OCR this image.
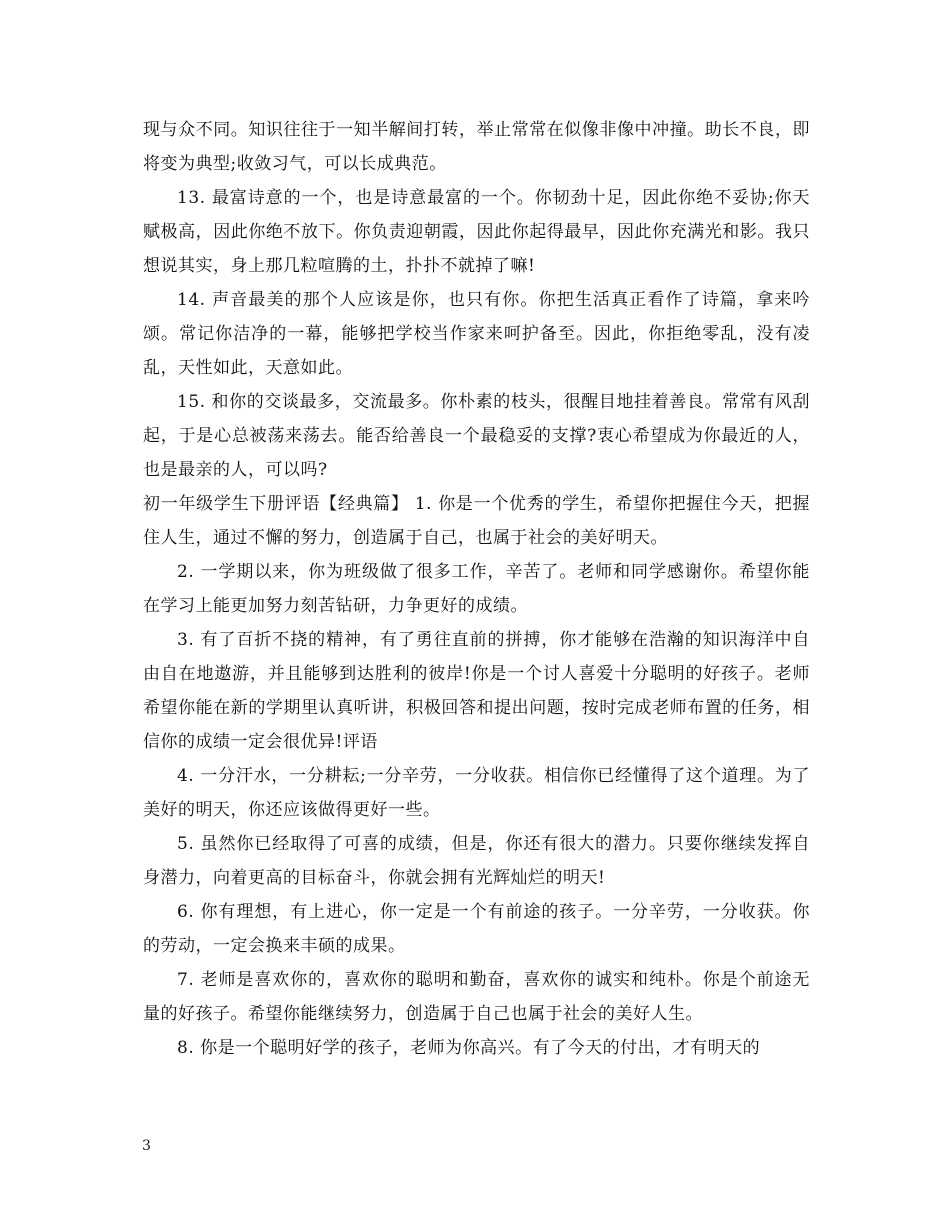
现与众不同。知识往往于一知半解间打转，举止常常在似像非像中冲撞。助长不良，即将变为典型;收敛习气，可以长成典范。

13. 最富诗意的一个，也是诗意最富的一个。你韧劲十足，因此你绝不妥协;你天赋极高，因此你绝不放下。你负责迎朝霞，因此你起得最早，因此你充满光和影。我只想说其实，身上那几粒喧腾的土，扑扑不就掉了嘛!

14. 声音最美的那个人应该是你，也只有你。你把生活真正看作了诗篇，拿来吟颂。常记你洁净的一幕，能够把学校当作家来呵护备至。因此，你拒绝零乱，没有凌乱，天性如此，天意如此。

15. 和你的交谈最多，交流最多。你朴素的枝头，很醒目地挂着善良。常常有风刮起，于是心总被荡来荡去。能否给善良一个最稳妥的支撑?衷心希望成为你最近的人，也是最亲的人，可以吗?

初一年级学生下册评语【经典篇】 1. 你是一个优秀的学生，希望你把握住今天，把握住人生，通过不懈的努力，创造属于自己，也属于社会的美好明天。

2. 一学期以来，你为班级做了很多工作，辛苦了。老师和同学感谢你。希望你能在学习上能更加努力刻苦钻研，力争更好的成绩。

3. 有了百折不挠的精神，有了勇往直前的拼搏，你才能够在浩瀚的知识海洋中自由自在地遨游，并且能够到达胜利的彼岸!你是一个讨人喜爱十分聪明的好孩子。老师希望你能在新的学期里认真听讲，积极回答和提出问题，按时完成老师布置的任务，相信你的成绩一定会很优异!评语

4. 一分汗水，一分耕耘;一分辛劳，一分收获。相信你已经懂得了这个道理。为了美好的明天，你还应该做得更好一些。

5. 虽然你已经取得了可喜的成绩，但是，你还有很大的潜力。只要你继续发挥自身潜力，向着更高的目标奋斗，你就会拥有光辉灿烂的明天!

6. 你有理想，有上进心，你一定是一个有前途的孩子。一分辛劳，一分收获。你的劳动，一定会换来丰硕的成果。

7. 老师是喜欢你的，喜欢你的聪明和勤奋，喜欢你的诚实和纯朴。你是个前途无量的好孩子。希望你能继续努力，创造属于自己也属于社会的美好人生。

8. 你是一个聪明好学的孩子，老师为你高兴。有了今天的付出，才有明天的

3
